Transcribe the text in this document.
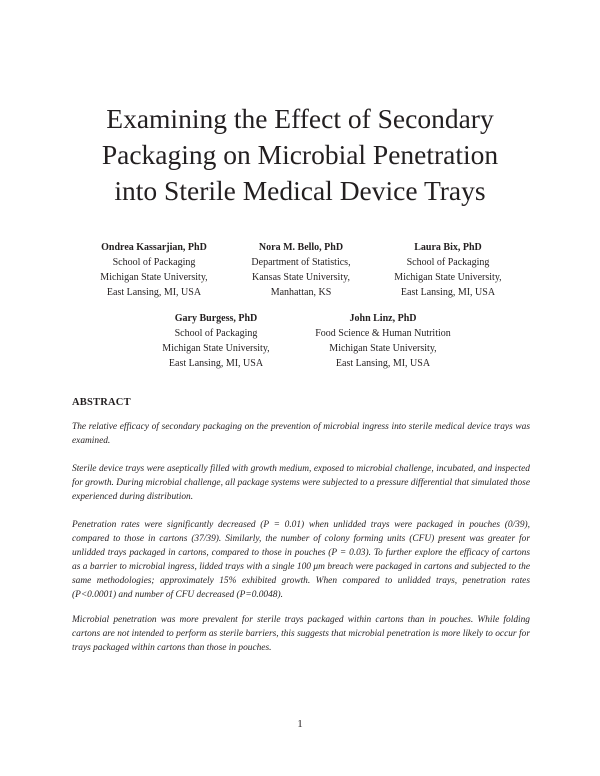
Examining the Effect of Secondary
Packaging on Microbial Penetration
into Sterile Medical Device Trays
Ondrea Kassarjian, PhD
School of Packaging
Michigan State University,
East Lansing, MI, USA
Nora M. Bello, PhD
Department of Statistics,
Kansas State University,
Manhattan, KS
Laura Bix, PhD
School of Packaging
Michigan State University,
East Lansing, MI, USA
Gary Burgess, PhD
School of Packaging
Michigan State University,
East Lansing, MI, USA
John Linz, PhD
Food Science & Human Nutrition
Michigan State University,
East Lansing, MI, USA
ABSTRACT

The relative efficacy of secondary packaging on the prevention of microbial ingress into sterile medical device trays was examined.

Sterile device trays were aseptically filled with growth medium, exposed to microbial challenge, incubated, and inspected for growth. During microbial challenge, all package systems were subjected to a pressure differential that simulated those experienced during distribution.

Penetration rates were significantly decreased (P = 0.01) when unlidded trays were packaged in pouches (0/39), compared to those in cartons (37/39). Similarly, the number of colony forming units (CFU) present was greater for unlidded trays packaged in cartons, compared to those in pouches (P = 0.03). To further explore the efficacy of cartons as a barrier to microbial ingress, lidded trays with a single 100 μm breach were packaged in cartons and subjected to the same methodologies; approximately 15% exhibited growth. When compared to unlidded trays, penetration rates (P<0.0001) and number of CFU decreased (P=0.0048).

Microbial penetration was more prevalent for sterile trays packaged within cartons than in pouches. While folding cartons are not intended to perform as sterile barriers, this suggests that microbial penetration is more likely to occur for trays packaged within cartons than those in pouches.

1
